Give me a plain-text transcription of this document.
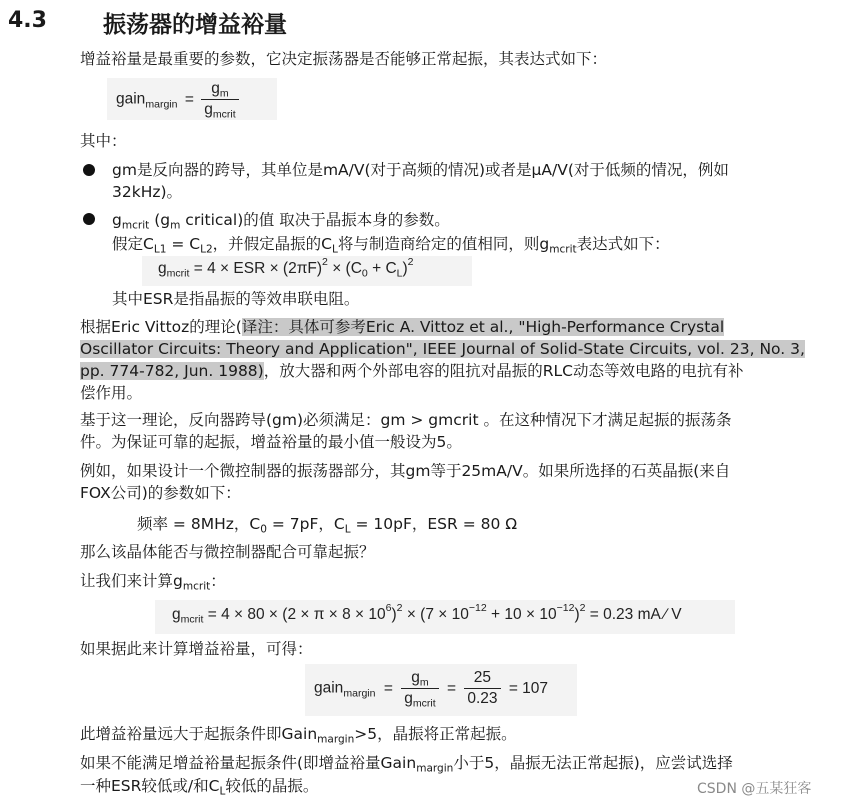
4.3 振荡器的增益裕量
增益裕量是最重要的参数，它决定振荡器是否能够正常起振，其表达式如下：
gain$_{margin}$ = $\frac{g_m}{g_{mcrit}}$
其中：
gm是反向器的跨导，其单位是mA/V(对于高频的情况)或者是μA/V(对于低频的情况，例如
32kHz)。
$g_{mcrit}$ ($g_m$ critical)的值 取决于晶振本身的参数。
假定$C_{L1} = C_{L2}$，并假定晶振的$C_L$将与制造商给定的值相同，则$g_{mcrit}$表达式如下：
$g_{mcrit} = 4$ × ESR × $(2\pi F)^2 \times (C_0 + C_L)^2$
其中ESR是指晶振的等效串联电阻。
根据Eric Vittoz的理论(译注：具体可参考Eric A. Vittoz et al., "High-Performance Crystal
Oscillator Circuits: Theory and Application", IEEE Journal of Solid-State Circuits, vol. 23, No. 3,
pp. 774-782, Jun. 1988)，放大器和两个外部电容的阻抗对晶振的RLC动态等效电路的电抗有补
偿作用。
基于这一理论，反向器跨导(gm)必须满足：gm > gmcrit 。在这种情况下才满足起振的振荡条
件。为保证可靠的起振，增益裕量的最小值一般设为5。
例如，如果设计一个微控制器的振荡器部分，其gm等于25mA/V。如果所选择的石英晶振(来自
FOX公司)的参数如下：
频率 = 8MHz，$C_0 = 7pF$，$C_L = 10pF$，ESR = 80 Ω
那么该晶体能否与微控制器配合可靠起振？
让我们来计算$g_{mcrit}$：
$g_{mcrit} = 4 \times 80 \times (2 \times \pi \times 8 \times 10^6)^2 \times (7 \times 10^{-12} + 10 \times 10^{-12})^2 = 0.23$ mA ∕ V
如果据此来计算增益裕量，可得：
gain$_{margin}$ = $\frac{g_m}{g_{mcrit}} = \frac{25}{0.23} = 107$
此增益裕量远大于起振条件即Gain$_{margin}$>5，晶振将正常起振。
如果不能满足增益裕量起振条件(即增益裕量Gain$_{margin}$小于5，晶振无法正常起振)，应尝试选择
一种ESR较低或/和$C_L$较低的晶振。	CSDN @五某狂客
